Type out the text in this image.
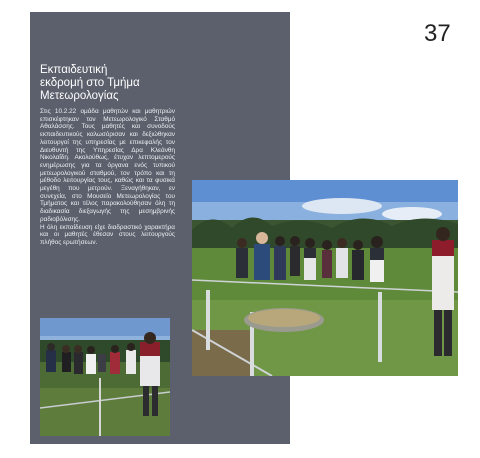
37
Εκπαιδευτική
εκδρομή στο Τμήμα
Μετεωρολογίας
Στις 10.2.22 ομάδα μαθητών και μαθητριών επισκέφτηκαν τον Μετεωρολογικό Σταθμό Αθαλάσσης. Τους μαθητές και συνοδούς εκπαιδευτικούς καλωσόρισαν και δεξιώθηκαν λειτουργοί της υπηρεσίας με επικεφαλής τον Διευθυντή της Υπηρεσίας Δρα Κλεάνθη Νικολαΐδη. Ακολούθως, έτυχαν λεπτομερούς ενημέρωσης για τα όργανα ενός τυπικού μετεωρολογικού σταθμού, τον τρόπο και τη μέθοδο λειτουργίας τους, καθώς και τα φυσικά μεγέθη που μετρούν. Ξεναγήθηκαν, εν συνεχεία, στο Μουσείο Μετεωρολογίας του Τμήματος και τέλος παρακολούθησαν όλη τη διαδικασία διεξαγωγής της μεσημβρινής ραδιοβόλισης.
Η όλη εκπαίδευση είχε διαδραστικό χαρακτήρα και οι μαθητές έθεσαν στους λειτουργούς πλήθος ερωτήσεων.
